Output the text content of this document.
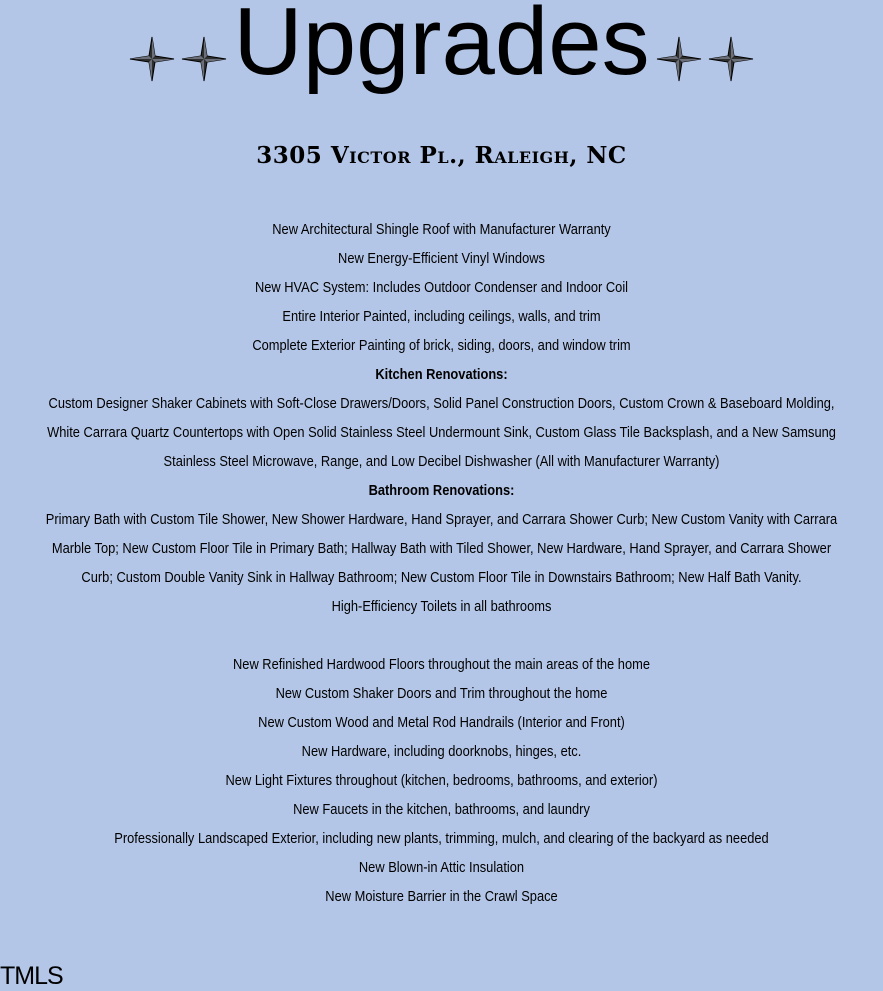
Upgrades
3305 Victor Pl., Raleigh, NC
New Architectural Shingle Roof with Manufacturer Warranty
New Energy-Efficient Vinyl Windows
New HVAC System: Includes Outdoor Condenser and Indoor Coil
Entire Interior Painted, including ceilings, walls, and trim
Complete Exterior Painting of brick, siding, doors, and window trim
Kitchen Renovations:
Custom Designer Shaker Cabinets with Soft-Close Drawers/Doors, Solid Panel Construction Doors, Custom Crown & Baseboard Molding,
White Carrara Quartz Countertops with Open Solid Stainless Steel Undermount Sink, Custom Glass Tile Backsplash, and a New Samsung
Stainless Steel Microwave, Range, and Low Decibel Dishwasher (All with Manufacturer Warranty)
Bathroom Renovations:
Primary Bath with Custom Tile Shower, New Shower Hardware, Hand Sprayer, and Carrara Shower Curb; New Custom Vanity with Carrara
Marble Top; New Custom Floor Tile in Primary Bath; Hallway Bath with Tiled Shower, New Hardware, Hand Sprayer, and Carrara Shower
Curb; Custom Double Vanity Sink in Hallway Bathroom; New Custom Floor Tile in Downstairs Bathroom; New Half Bath Vanity.
High-Efficiency Toilets in all bathrooms
New Refinished Hardwood Floors throughout the main areas of the home
New Custom Shaker Doors and Trim throughout the home
New Custom Wood and Metal Rod Handrails (Interior and Front)
New Hardware, including doorknobs, hinges, etc.
New Light Fixtures throughout (kitchen, bedrooms, bathrooms, and exterior)
New Faucets in the kitchen, bathrooms, and laundry
Professionally Landscaped Exterior, including new plants, trimming, mulch, and clearing of the backyard as needed
New Blown-in Attic Insulation
New Moisture Barrier in the Crawl Space
TMLS
